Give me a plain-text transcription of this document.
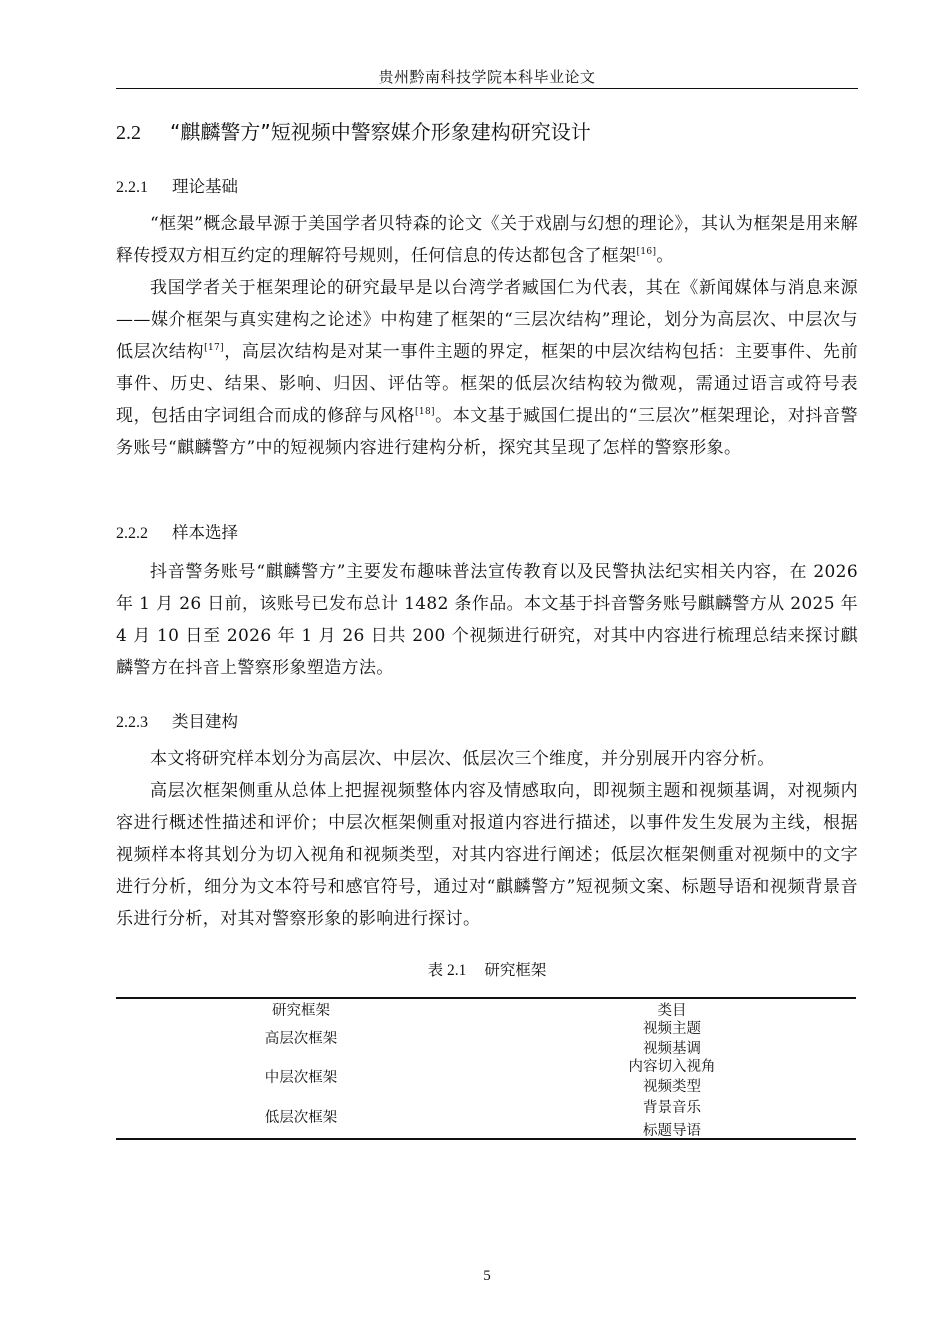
贵州黔南科技学院本科毕业论文
2.2 “麒麟警方”短视频中警察媒介形象建构研究设计
2.2.1 理论基础
“框架”概念最早源于美国学者贝特森的论文《关于戏剧与幻想的理论》，其认为框架是用来解释传授双方相互约定的理解符号规则，任何信息的传达都包含了框架[16]。
我国学者关于框架理论的研究最早是以台湾学者臧国仁为代表，其在《新闻媒体与消息来源——媒介框架与真实建构之论述》中构建了框架的“三层次结构”理论，划分为高层次、中层次与低层次结构[17]，高层次结构是对某一事件主题的界定，框架的中层次结构包括：主要事件、先前事件、历史、结果、影响、归因、评估等。框架的低层次结构较为微观，需通过语言或符号表现，包括由字词组合而成的修辞与风格[18]。本文基于臧国仁提出的“三层次”框架理论，对抖音警务账号“麒麟警方”中的短视频内容进行建构分析，探究其呈现了怎样的警察形象。
2.2.2 样本选择
抖音警务账号“麒麟警方”主要发布趣味普法宣传教育以及民警执法纪实相关内容，在 2026 年 1 月 26 日前，该账号已发布总计 1482 条作品。本文基于抖音警务账号麒麟警方从 2025 年 4 月 10 日至 2026 年 1 月 26 日共 200 个视频进行研究，对其中内容进行梳理总结来探讨麒麟警方在抖音上警察形象塑造方法。
2.2.3 类目建构
本文将研究样本划分为高层次、中层次、低层次三个维度，并分别展开内容分析。
高层次框架侧重从总体上把握视频整体内容及情感取向，即视频主题和视频基调，对视频内容进行概述性描述和评价；中层次框架侧重对报道内容进行描述，以事件发生发展为主线，根据视频样本将其划分为切入视角和视频类型，对其内容进行阐述；低层次框架侧重对视频中的文字进行分析，细分为文本符号和感官符号，通过对“麒麟警方”短视频文案、标题导语和视频背景音乐进行分析，对其对警察形象的影响进行探讨。
表 2.1 研究框架
研究框架	类目
高层次框架
视频主题
视频基调
中层次框架
内容切入视角
视频类型
低层次框架
背景音乐
标题导语
5
